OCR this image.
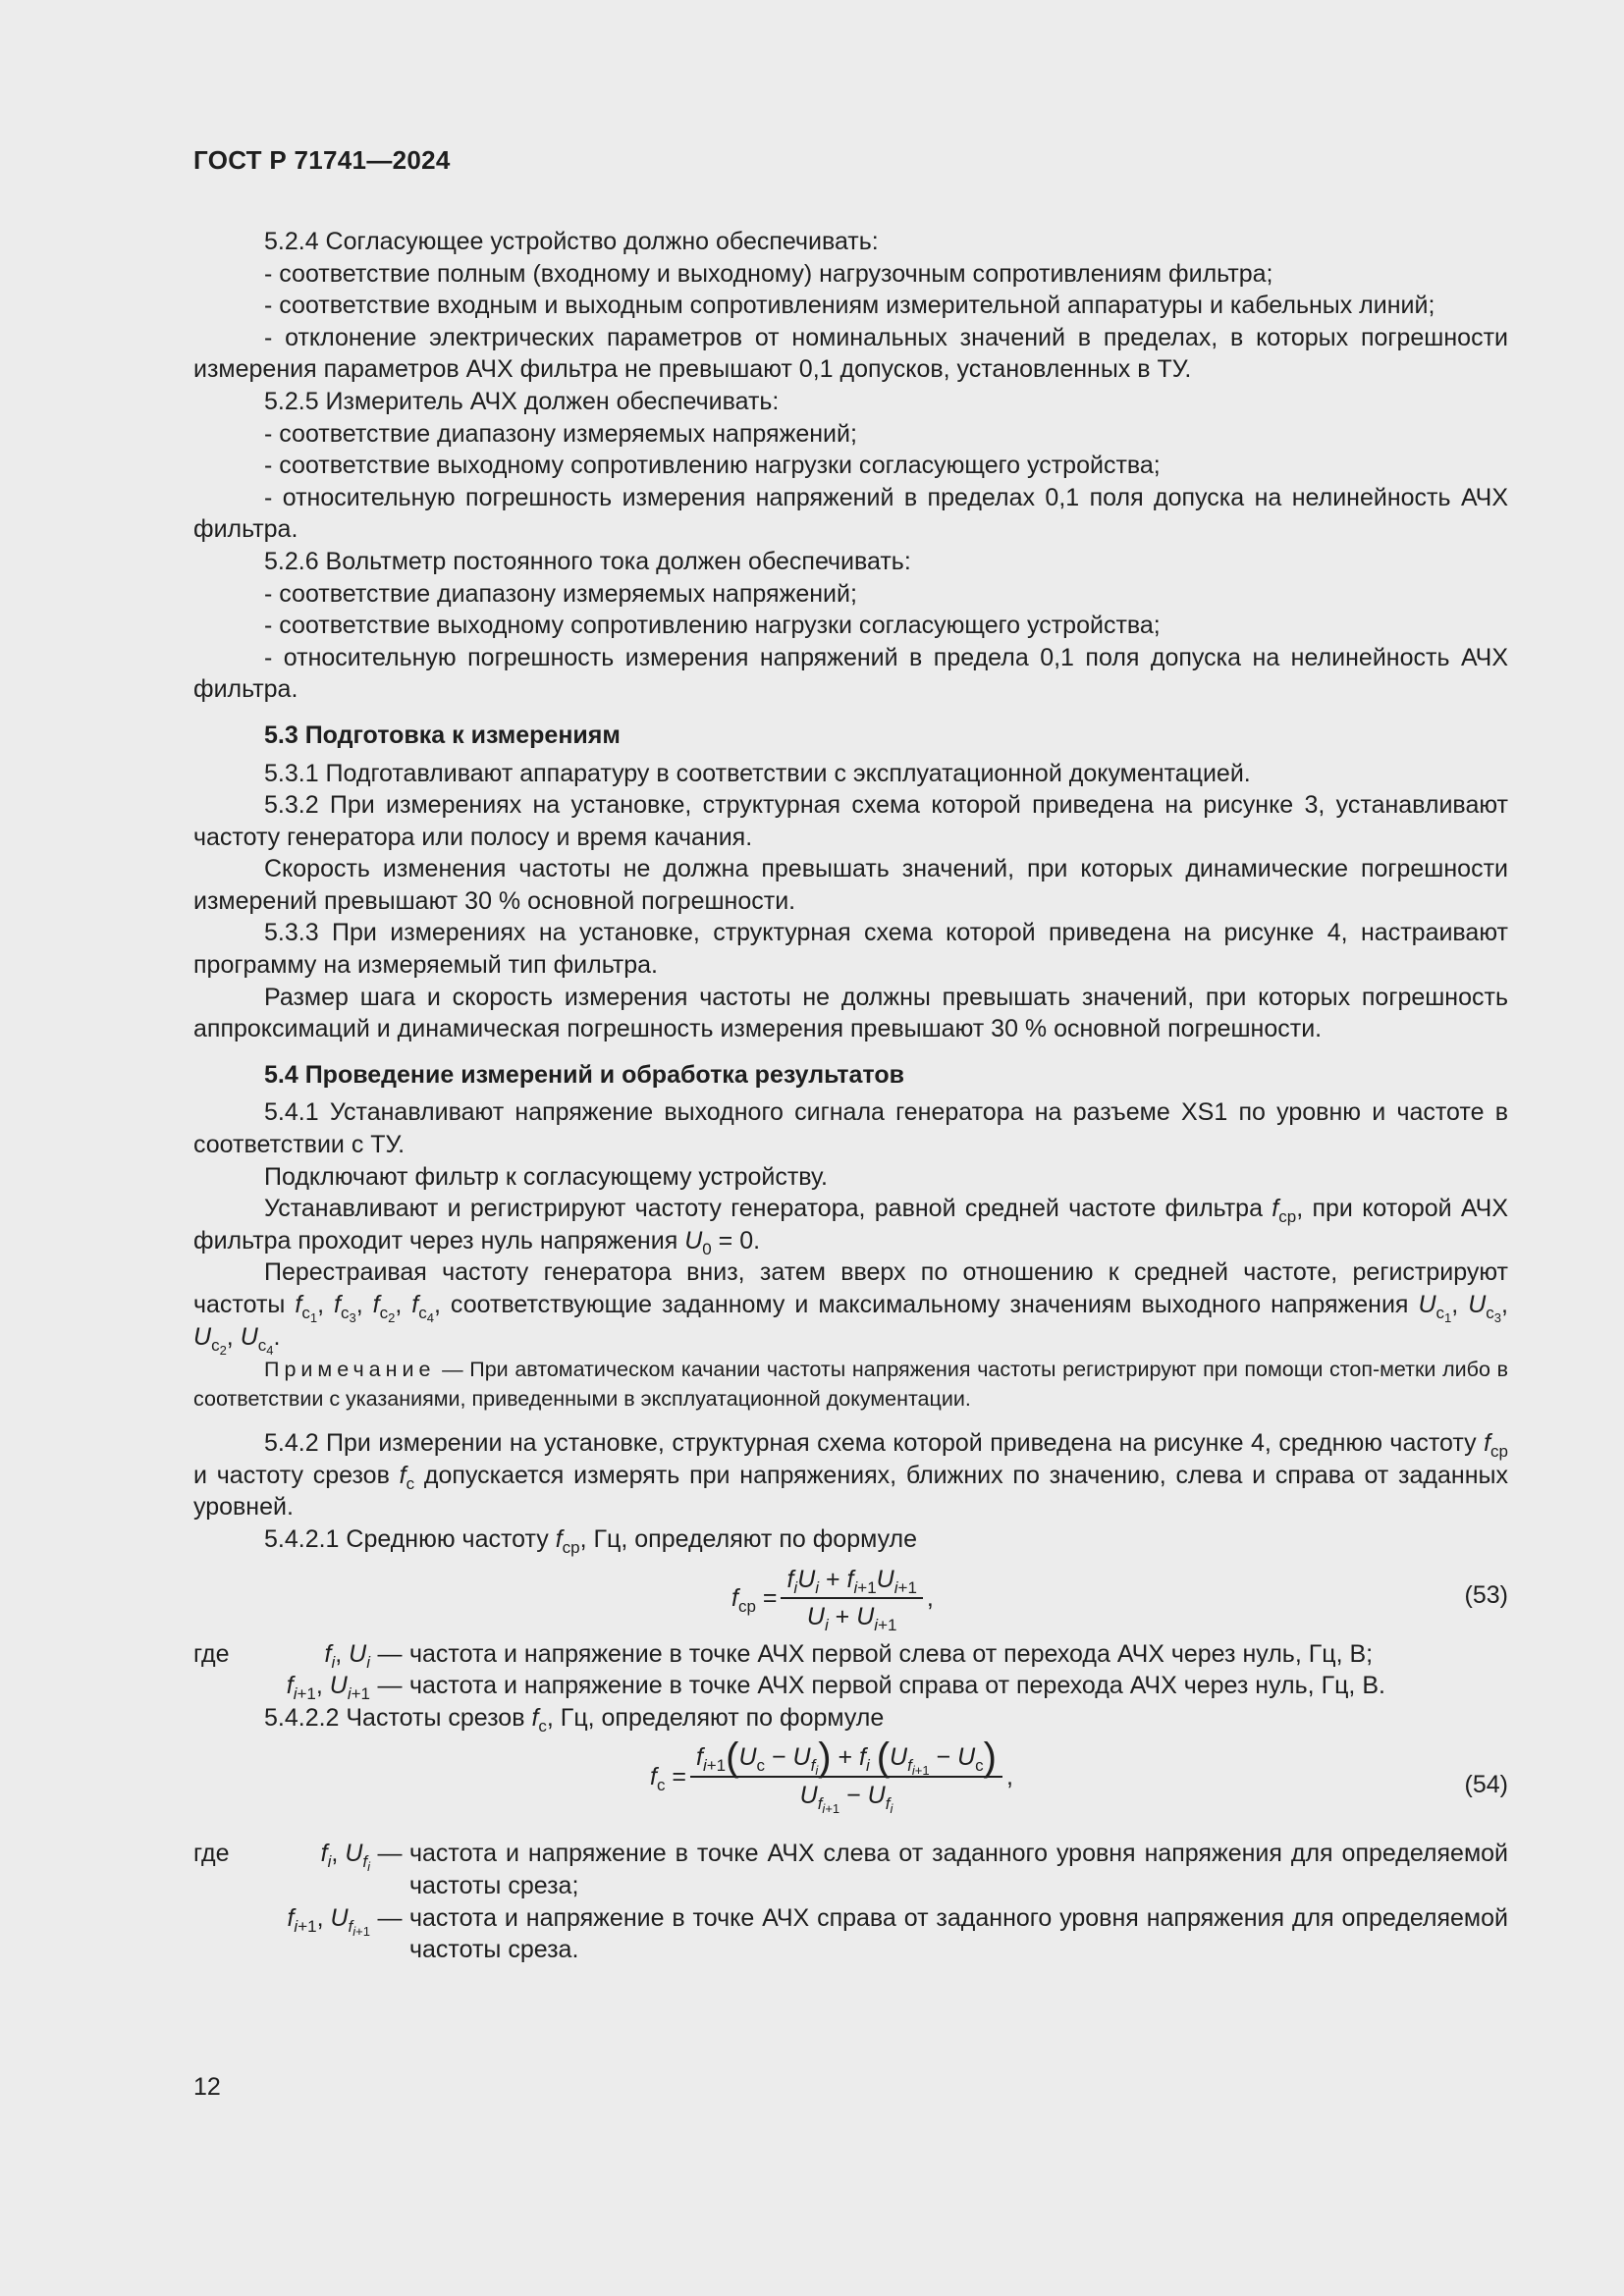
ГОСТ Р 71741—2024

5.2.4 Согласующее устройство должно обеспечивать:

- соответствие полным (входному и выходному) нагрузочным сопротивлениям фильтра;

- соответствие входным и выходным сопротивлениям измерительной аппаратуры и кабельных линий;

- отклонение электрических параметров от номинальных значений в пределах, в которых погрешности измерения параметров АЧХ фильтра не превышают 0,1 допусков, установленных в ТУ.

5.2.5 Измеритель АЧХ должен обеспечивать:

- соответствие диапазону измеряемых напряжений;

- соответствие выходному сопротивлению нагрузки согласующего устройства;

- относительную погрешность измерения напряжений в пределах 0,1 поля допуска на нелинейность АЧХ фильтра.

5.2.6 Вольтметр постоянного тока должен обеспечивать:

- соответствие диапазону измеряемых напряжений;

- соответствие выходному сопротивлению нагрузки согласующего устройства;

- относительную погрешность измерения напряжений в предела 0,1 поля допуска на нелинейность АЧХ фильтра.

5.3 Подготовка к измерениям

5.3.1 Подготавливают аппаратуру в соответствии с эксплуатационной документацией.

5.3.2 При измерениях на установке, структурная схема которой приведена на рисунке 3, устанавливают частоту генератора или полосу и время качания.

Скорость изменения частоты не должна превышать значений, при которых динамические погрешности измерений превышают 30 % основной погрешности.

5.3.3 При измерениях на установке, структурная схема которой приведена на рисунке 4, настраивают программу на измеряемый тип фильтра.

Размер шага и скорость измерения частоты не должны превышать значений, при которых погрешность аппроксимаций и динамическая погрешность измерения превышают 30 % основной погрешности.

5.4 Проведение измерений и обработка результатов

5.4.1 Устанавливают напряжение выходного сигнала генератора на разъеме XS1 по уровню и частоте в соответствии с ТУ.

Подключают фильтр к согласующему устройству.

Устанавливают и регистрируют частоту генератора, равной средней частоте фильтра $f_{ср}$, при которой АЧХ фильтра проходит через нуль напряжения $U_0 = 0$.

Перестраивая частоту генератора вниз, затем вверх по отношению к средней частоте, регистрируют частоты $f_{с_1}$, $f_{с_3}$, $f_{с_2}$, $f_{с_4}$, соответствующие заданному и максимальному значениям выходного напряжения $U_{с_1}$, $U_{с_3}$, $U_{с_2}$, $U_{с_4}$.

Примечание — При автоматическом качании частоты напряжения частоты регистрируют при помощи стоп-метки либо в соответствии с указаниями, приведенными в эксплуатационной документации.

5.4.2 При измерении на установке, структурная схема которой приведена на рисунке 4, среднюю частоту $f_{ср}$ и частоту срезов $f_с$ допускается измерять при напряжениях, ближних по значению, слева и справа от заданных уровней.

5.4.2.1 Среднюю частоту $f_{ср}$, Гц, определяют по формуле

$f_{ср} = \frac{f_iU_i + f_{i+1}U_{i+1}}{U_i + U_{i+1}}$ ,	(53)
где	$f_i$, $U_i$ — частота и напряжение в точке АЧХ первой слева от перехода АЧХ через нуль, Гц, В;
$f_{i+1}$, $U_{i+1}$ — частота и напряжение в точке АЧХ первой справа от перехода АЧХ через нуль, Гц, В.

5.4.2.2 Частоты срезов $f_с$, Гц, определяют по формуле

$f_с = \frac{f_{i+1}(U_с - U_{f_i}) + f_i (U_{f_{i+1}} - U_с)}{U_{f_{i+1}} - U_{f_i}}$ ,	(54)
где	$f_i$, $U_{f_i}$ — частота и напряжение в точке АЧХ слева от заданного уровня напряжения для определяемой частоты среза;
$f_{i+1}$, $U_{f_{i+1}}$ — частота и напряжение в точке АЧХ справа от заданного уровня напряжения для определяемой частоты среза.
12
